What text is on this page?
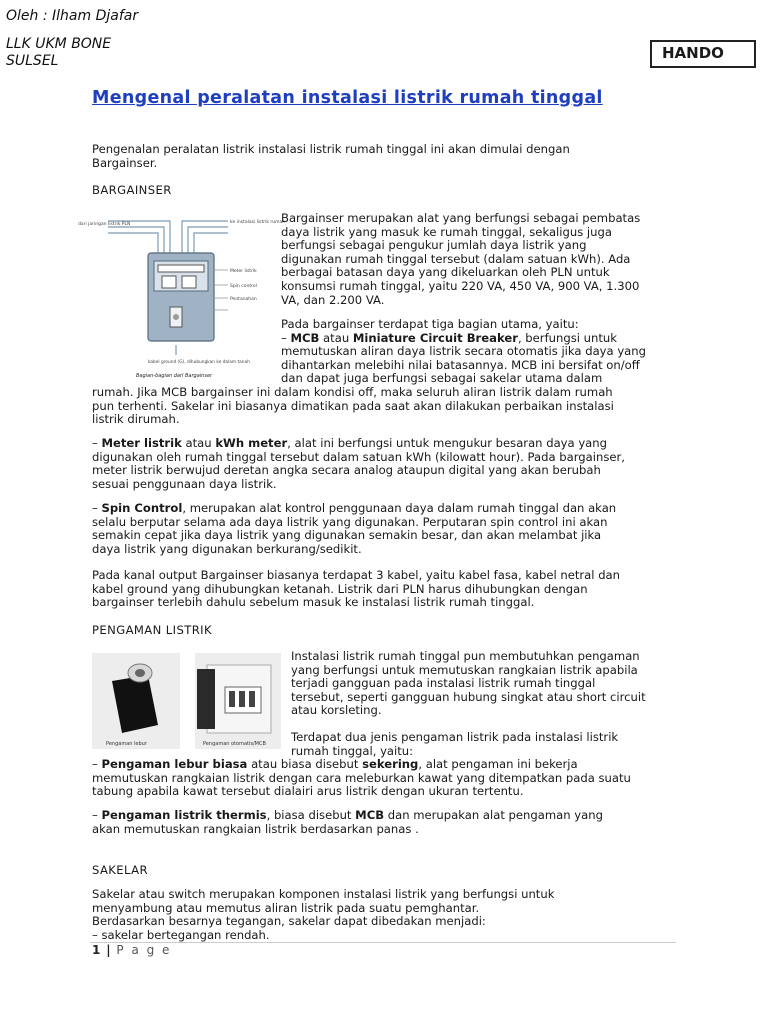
Oleh : Ilham Djafar
LLK UKM BONE
SULSEL	HANDO
Mengenal peralatan instalasi listrik rumah tinggal

Pengenalan peralatan listrik instalasi listrik rumah tinggal ini akan dimulai dengan

Bargainser.

BARGAINSER
dari jaringan listrik PLN	ke instalasi listrik rumah
Meter listrik
Spin control
Pentanahan
kabel ground (G), dihubungkan ke dalam tanah
Bagian-bagian dari Bargainser

Bargainser merupakan alat yang berfungsi sebagai pembatas

daya listrik yang masuk ke rumah tinggal, sekaligus juga

berfungsi sebagai pengukur jumlah daya listrik yang

digunakan rumah tinggal tersebut (dalam satuan kWh). Ada

berbagai batasan daya yang dikeluarkan oleh PLN untuk

konsumsi rumah tinggal, yaitu 220 VA, 450 VA, 900 VA, 1.300

VA, dan 2.200 VA.

Pada bargainser terdapat tiga bagian utama, yaitu:

– MCB atau Miniature Circuit Breaker, berfungsi untuk

memutuskan aliran daya listrik secara otomatis jika daya yang

dihantarkan melebihi nilai batasannya. MCB ini bersifat on/off

dan dapat juga berfungsi sebagai sakelar utama dalam

rumah. Jika MCB bargainser ini dalam kondisi off, maka seluruh aliran listrik dalam rumah

pun terhenti. Sakelar ini biasanya dimatikan pada saat akan dilakukan perbaikan instalasi

listrik dirumah.

– Meter listrik atau kWh meter, alat ini berfungsi untuk mengukur besaran daya yang

digunakan oleh rumah tinggal tersebut dalam satuan kWh (kilowatt hour). Pada bargainser,

meter listrik berwujud deretan angka secara analog ataupun digital yang akan berubah

sesuai penggunaan daya listrik.

– Spin Control, merupakan alat kontrol penggunaan daya dalam rumah tinggal dan akan

selalu berputar selama ada daya listrik yang digunakan. Perputaran spin control ini akan

semakin cepat jika daya listrik yang digunakan semakin besar, dan akan melambat jika

daya listrik yang digunakan berkurang/sedikit.

Pada kanal output Bargainser biasanya terdapat 3 kabel, yaitu kabel fasa, kabel netral dan

kabel ground yang dihubungkan ketanah. Listrik dari PLN harus dihubungkan dengan

bargainser terlebih dahulu sebelum masuk ke instalasi listrik rumah tinggal.

PENGAMAN LISTRIK
Pengaman lebur	Pengaman otomatis/MCB

Instalasi listrik rumah tinggal pun membutuhkan pengaman

yang berfungsi untuk memutuskan rangkaian listrik apabila

terjadi gangguan pada instalasi listrik rumah tinggal

tersebut, seperti gangguan hubung singkat atau short circuit

atau korsleting.

Terdapat dua jenis pengaman listrik pada instalasi listrik

rumah tinggal, yaitu:

– Pengaman lebur biasa atau biasa disebut sekering, alat pengaman ini bekerja

memutuskan rangkaian listrik dengan cara meleburkan kawat yang ditempatkan pada suatu

tabung apabila kawat tersebut dialairi arus listrik dengan ukuran tertentu.

– Pengaman listrik thermis, biasa disebut MCB dan merupakan alat pengaman yang

akan memutuskan rangkaian listrik berdasarkan panas .

SAKELAR

Sakelar atau switch merupakan komponen instalasi listrik yang berfungsi untuk

menyambung atau memutus aliran listrik pada suatu pemghantar.

Berdasarkan besarnya tegangan, sakelar dapat dibedakan menjadi:

– sakelar bertegangan rendah.

1 | P a g e
